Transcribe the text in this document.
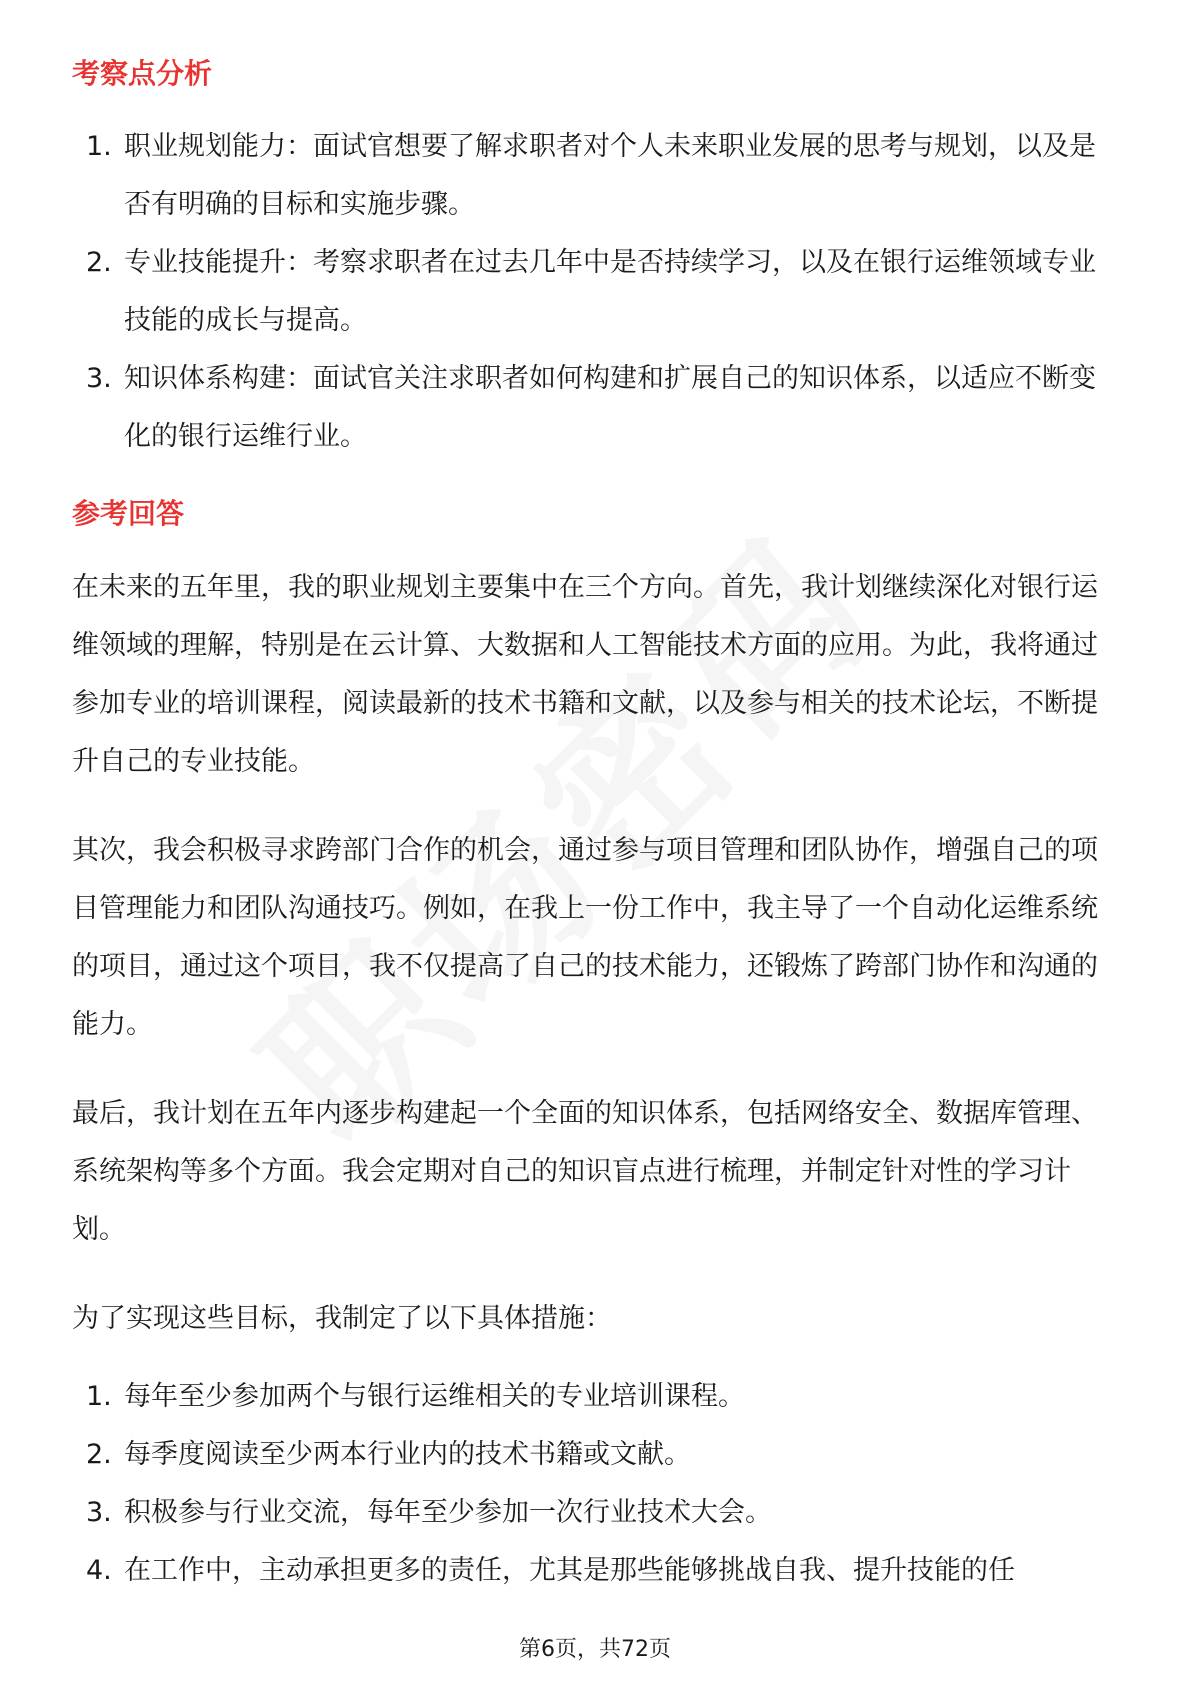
考察点分析
1. 职业规划能力：面试官想要了解求职者对个人未来职业发展的思考与规划，以及是否有明确的目标和实施步骤。
2. 专业技能提升：考察求职者在过去几年中是否持续学习，以及在银行运维领域专业技能的成长与提高。
3. 知识体系构建：面试官关注求职者如何构建和扩展自己的知识体系，以适应不断变化的银行运维行业。
参考回答

在未来的五年里，我的职业规划主要集中在三个方向。首先，我计划继续深化对银行运维领域的理解，特别是在云计算、大数据和人工智能技术方面的应用。为此，我将通过参加专业的培训课程，阅读最新的技术书籍和文献，以及参与相关的技术论坛，不断提升自己的专业技能。

其次，我会积极寻求跨部门合作的机会，通过参与项目管理和团队协作，增强自己的项目管理能力和团队沟通技巧。例如，在我上一份工作中，我主导了一个自动化运维系统的项目，通过这个项目，我不仅提高了自己的技术能力，还锻炼了跨部门协作和沟通的能力。

最后，我计划在五年内逐步构建起一个全面的知识体系，包括网络安全、数据库管理、系统架构等多个方面。我会定期对自己的知识盲点进行梳理，并制定针对性的学习计划。

为了实现这些目标，我制定了以下具体措施：

1. 每年至少参加两个与银行运维相关的专业培训课程。
2. 每季度阅读至少两本行业内的技术书籍或文献。
3. 积极参与行业交流，每年至少参加一次行业技术大会。
4. 在工作中，主动承担更多的责任，尤其是那些能够挑战自我、提升技能的任
第6页，共72页
